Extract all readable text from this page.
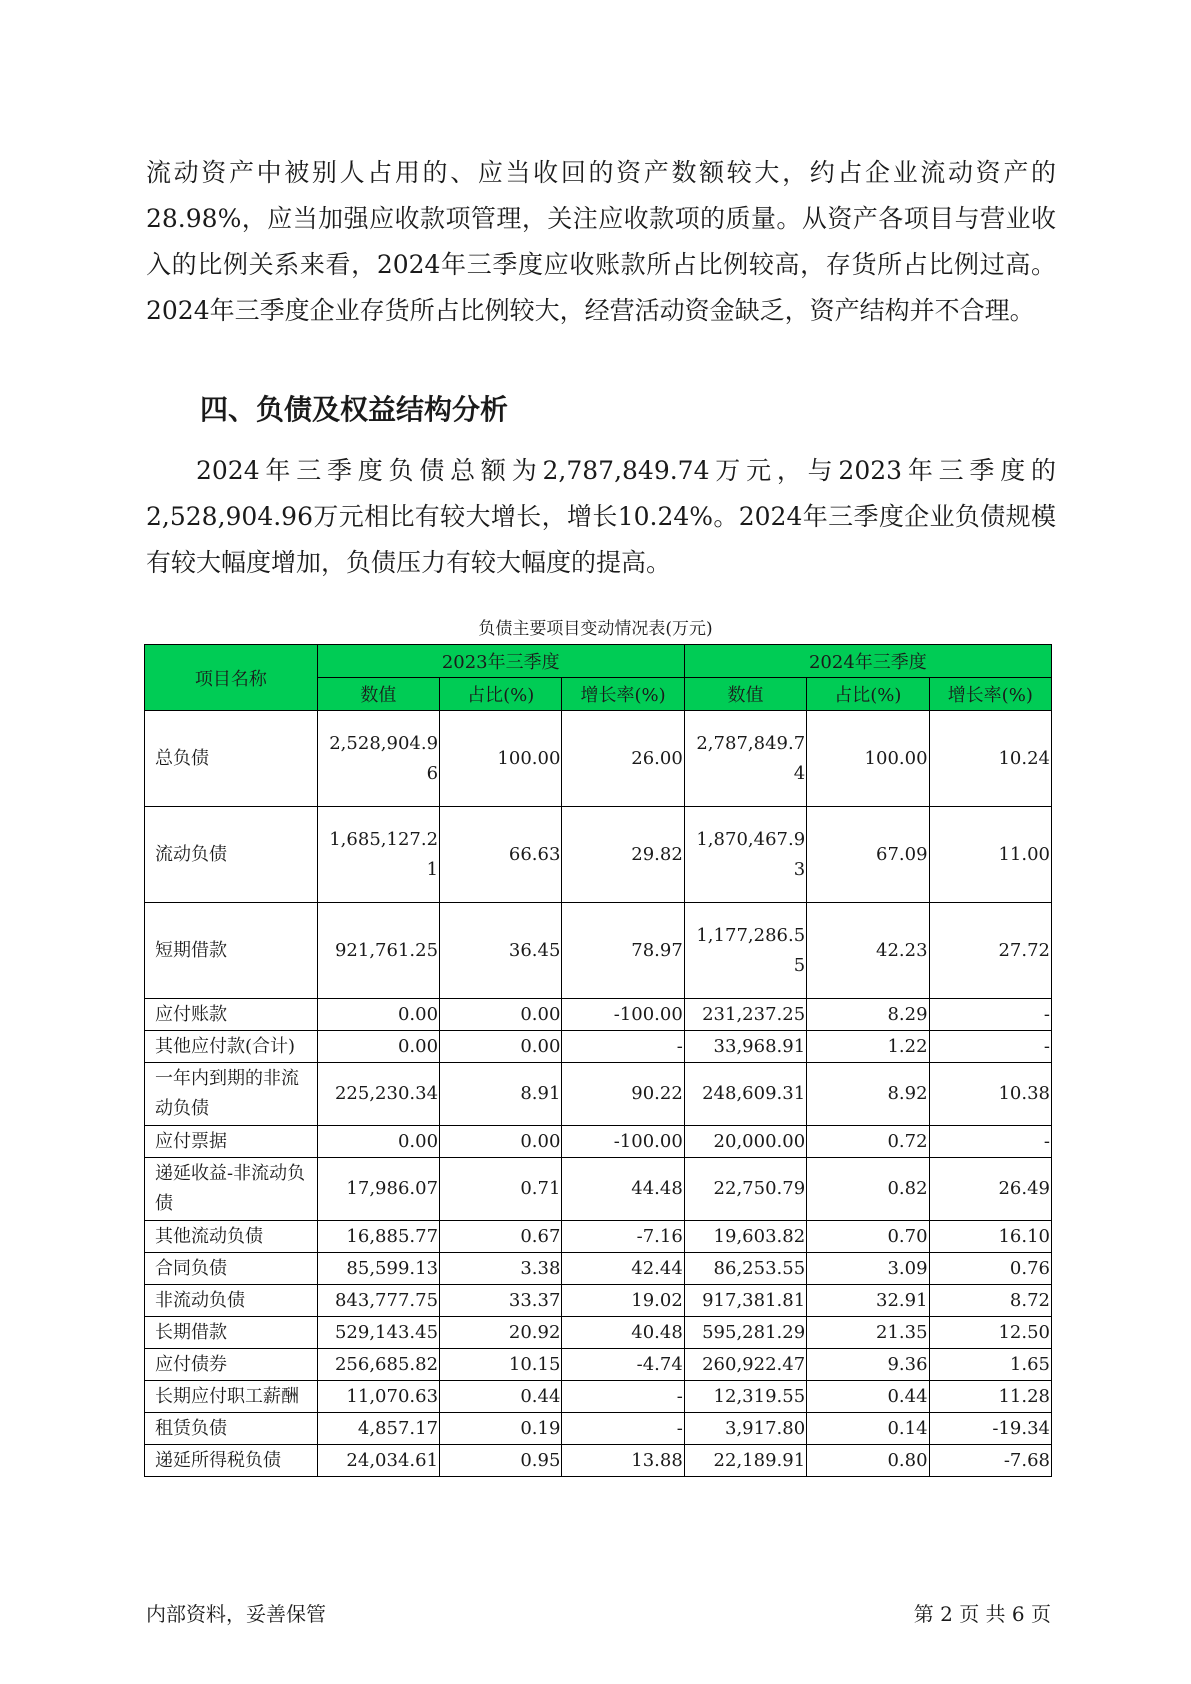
流动资产中被别人占用的、应当收回的资产数额较大，约占企业流动资产的28.98%，应当加强应收款项管理，关注应收款项的质量。从资产各项目与营业收入的比例关系来看，2024年三季度应收账款所占比例较高，存货所占比例过高。2024年三季度企业存货所占比例较大，经营活动资金缺乏，资产结构并不合理。

四、负债及权益结构分析

2024年三季度负债总额为2,787,849.74万元，与2023年三季度的2,528,904.96万元相比有较大增长，增长10.24%。2024年三季度企业负债规模有较大幅度增加，负债压力有较大幅度的提高。

负债主要项目变动情况表(万元)
项目名称	2023年三季度			2024年三季度		
	数值	占比(%)	增长率(%)	数值	占比(%)	增长率(%)
总负债	2,528,904.96	100.00	26.00	2,787,849.74	100.00	10.24
流动负债	1,685,127.21	66.63	29.82	1,870,467.93	67.09	11.00
短期借款	921,761.25	36.45	78.97	1,177,286.55	42.23	27.72
应付账款	0.00	0.00	-100.00	231,237.25	8.29	-
其他应付款(合计)	0.00	0.00	-	33,968.91	1.22	-
一年内到期的非流动负债	225,230.34	8.91	90.22	248,609.31	8.92	10.38
应付票据	0.00	0.00	-100.00	20,000.00	0.72	-
递延收益-非流动负债	17,986.07	0.71	44.48	22,750.79	0.82	26.49
其他流动负债	16,885.77	0.67	-7.16	19,603.82	0.70	16.10
合同负债	85,599.13	3.38	42.44	86,253.55	3.09	0.76
非流动负债	843,777.75	33.37	19.02	917,381.81	32.91	8.72
长期借款	529,143.45	20.92	40.48	595,281.29	21.35	12.50
应付债券	256,685.82	10.15	-4.74	260,922.47	9.36	1.65
长期应付职工薪酬	11,070.63	0.44	-	12,319.55	0.44	11.28
租赁负债	4,857.17	0.19	-	3,917.80	0.14	-19.34
递延所得税负债	24,034.61	0.95	13.88	22,189.91	0.80	-7.68
内部资料，妥善保管	第 2 页 共 6 页
